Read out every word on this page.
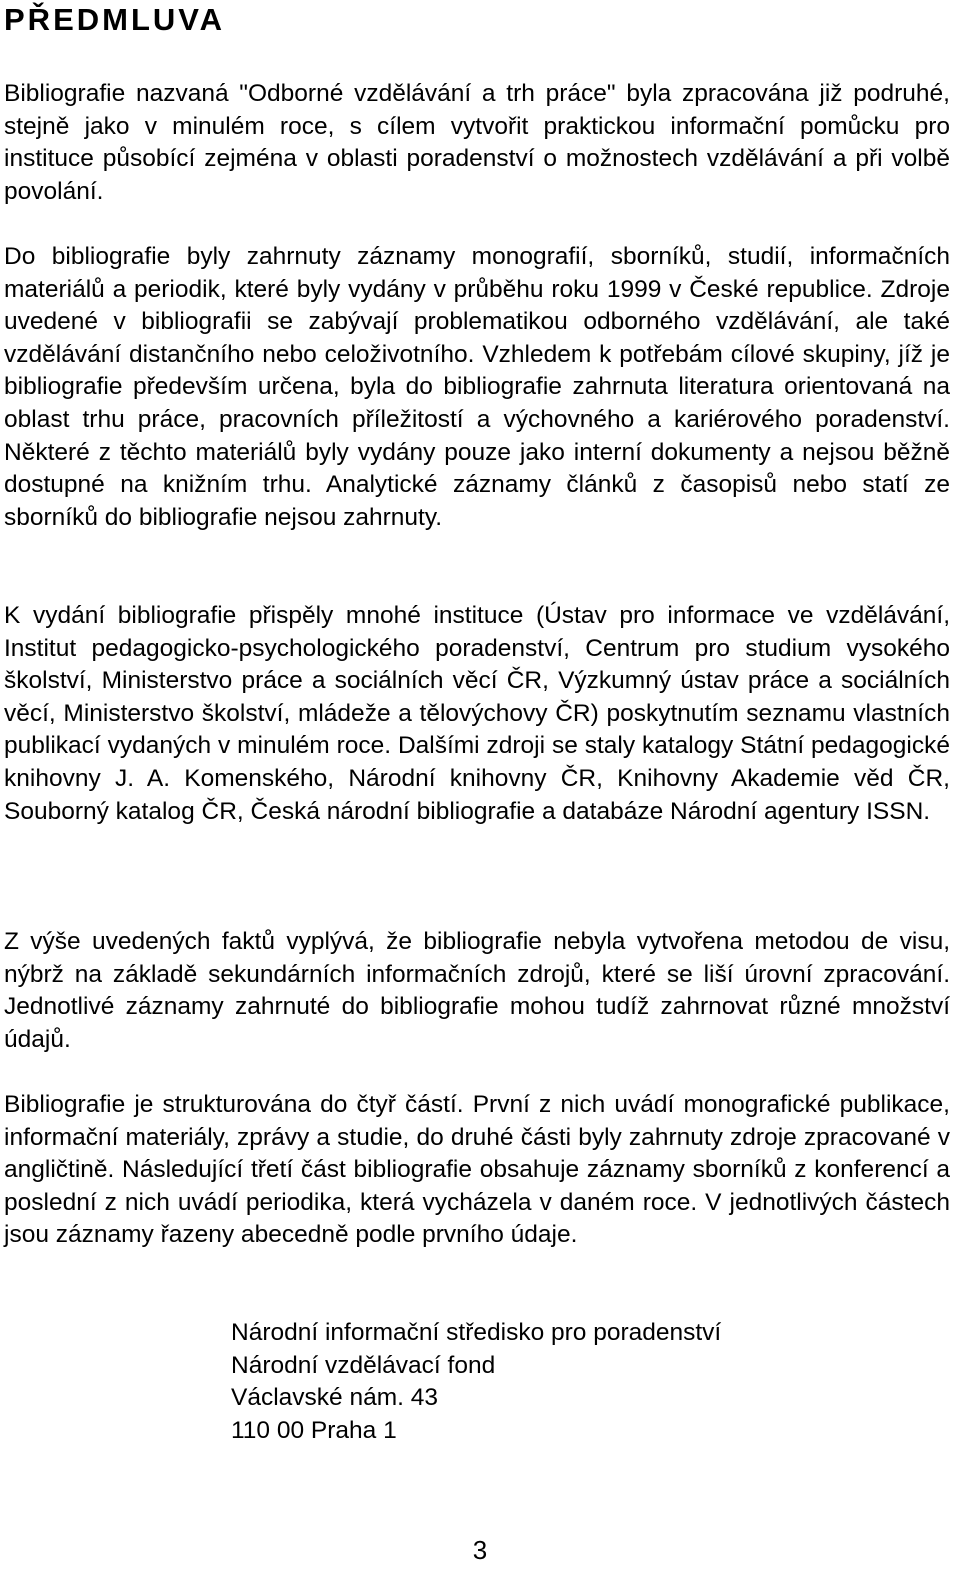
PŘEDMLUVA

Bibliografie nazvaná "Odborné vzdělávání a trh práce" byla zpracována již podruhé, stejně jako v minulém roce, s cílem vytvořit praktickou informační pomůcku pro instituce působící zejména v oblasti poradenství o možnostech vzdělávání a při volbě povolání.

Do bibliografie byly zahrnuty záznamy monografií, sborníků, studií, informačních materiálů a periodik, které byly vydány v průběhu roku 1999 v České republice. Zdroje uvedené v bibliografii se zabývají problematikou odborného vzdělávání, ale také vzdělávání distančního nebo celoživotního. Vzhledem k potřebám cílové skupiny, jíž je bibliografie především určena, byla do bibliografie zahrnuta literatura orientovaná na oblast trhu práce, pracovních příležitostí a výchovného a kariérového poradenství. Některé z těchto materiálů byly vydány pouze jako interní dokumenty a nejsou běžně dostupné na knižním trhu. Analytické záznamy článků z časopisů nebo statí ze sborníků do bibliografie nejsou zahrnuty.

K vydání bibliografie přispěly mnohé instituce (Ústav pro informace ve vzdělávání, Institut pedagogicko-psychologického poradenství, Centrum pro studium vysokého školství, Ministerstvo práce a sociálních věcí ČR, Výzkumný ústav práce a sociálních věcí, Ministerstvo školství, mládeže a tělovýchovy ČR) poskytnutím seznamu vlastních publikací vydaných v minulém roce. Dalšími zdroji se staly katalogy Státní pedagogické knihovny J. A. Komenského, Národní knihovny ČR, Knihovny Akademie věd ČR, Souborný katalog ČR, Česká národní bibliografie a databáze Národní agentury ISSN.

Z výše uvedených faktů vyplývá, že bibliografie nebyla vytvořena metodou de visu, nýbrž na základě sekundárních informačních zdrojů, které se liší úrovní zpracování. Jednotlivé záznamy zahrnuté do bibliografie mohou tudíž zahrnovat různé množství údajů.

Bibliografie je strukturována do čtyř částí. První z nich uvádí monografické publikace, informační materiály, zprávy a studie, do druhé části byly zahrnuty zdroje zpracované v angličtině. Následující třetí část bibliografie obsahuje záznamy sborníků z konferencí a poslední z nich uvádí periodika, která vycházela v daném roce. V jednotlivých částech jsou záznamy řazeny abecedně podle prvního údaje.

Národní informační středisko pro poradenství
Národní vzdělávací fond
Václavské nám. 43
110 00 Praha 1
3
